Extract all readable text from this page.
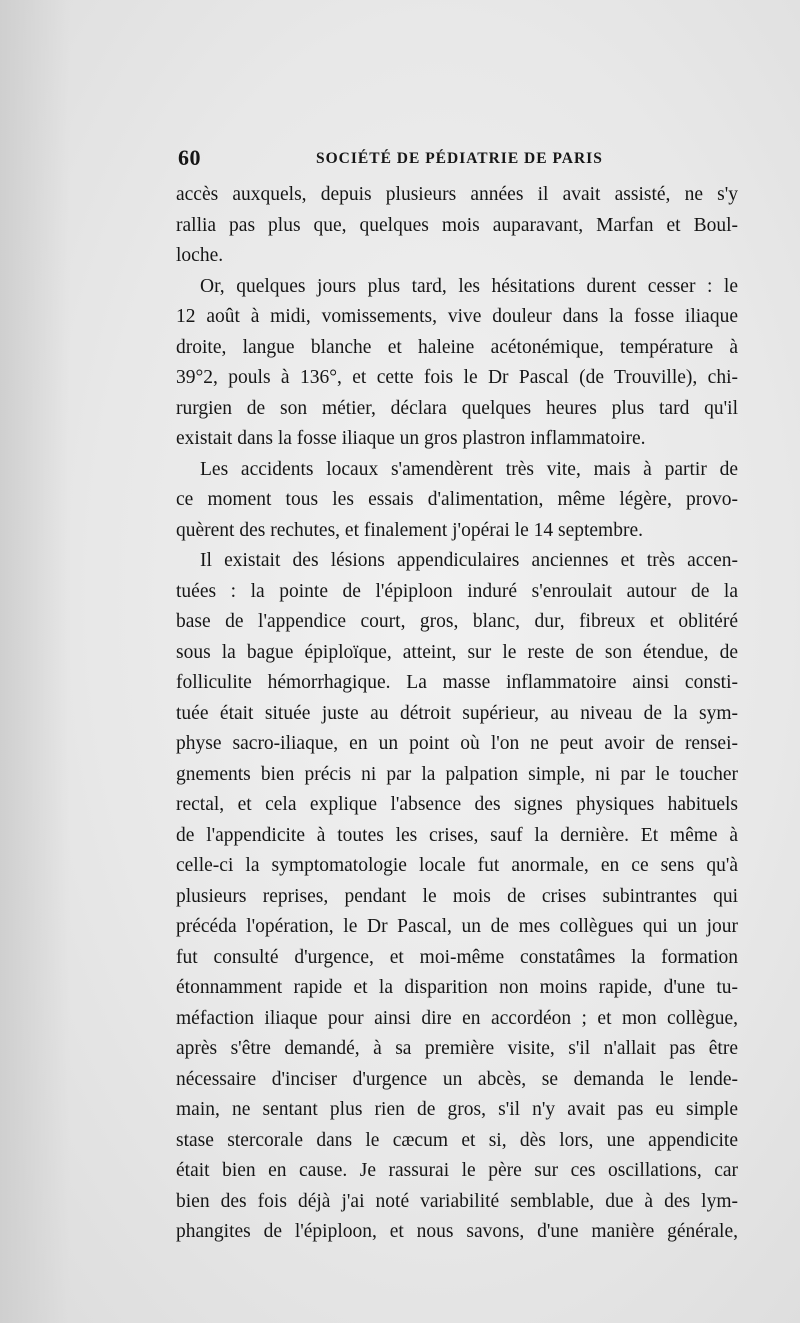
60	SOCIÉTÉ DE PÉDIATRIE DE PARIS
accès auxquels, depuis plusieurs années il avait assisté, ne s'y
rallia pas plus que, quelques mois auparavant, Marfan et Boul-
loche.
Or, quelques jours plus tard, les hésitations durent cesser : le
12 août à midi, vomissements, vive douleur dans la fosse iliaque
droite, langue blanche et haleine acétonémique, température à
39°2, pouls à 136°, et cette fois le Dr Pascal (de Trouville), chi-
rurgien de son métier, déclara quelques heures plus tard qu'il
existait dans la fosse iliaque un gros plastron inflammatoire.
Les accidents locaux s'amendèrent très vite, mais à partir de
ce moment tous les essais d'alimentation, même légère, provo-
quèrent des rechutes, et finalement j'opérai le 14 septembre.
Il existait des lésions appendiculaires anciennes et très accen-
tuées : la pointe de l'épiploon induré s'enroulait autour de la
base de l'appendice court, gros, blanc, dur, fibreux et oblitéré
sous la bague épiploïque, atteint, sur le reste de son étendue, de
folliculite hémorrhagique. La masse inflammatoire ainsi consti-
tuée était située juste au détroit supérieur, au niveau de la sym-
physe sacro-iliaque, en un point où l'on ne peut avoir de rensei-
gnements bien précis ni par la palpation simple, ni par le toucher
rectal, et cela explique l'absence des signes physiques habituels
de l'appendicite à toutes les crises, sauf la dernière. Et même à
celle-ci la symptomatologie locale fut anormale, en ce sens qu'à
plusieurs reprises, pendant le mois de crises subintrantes qui
précéda l'opération, le Dr Pascal, un de mes collègues qui un jour
fut consulté d'urgence, et moi-même constatâmes la formation
étonnamment rapide et la disparition non moins rapide, d'une tu-
méfaction iliaque pour ainsi dire en accordéon ; et mon collègue,
après s'être demandé, à sa première visite, s'il n'allait pas être
nécessaire d'inciser d'urgence un abcès, se demanda le lende-
main, ne sentant plus rien de gros, s'il n'y avait pas eu simple
stase stercorale dans le cæcum et si, dès lors, une appendicite
était bien en cause. Je rassurai le père sur ces oscillations, car
bien des fois déjà j'ai noté variabilité semblable, due à des lym-
phangites de l'épiploon, et nous savons, d'une manière générale,
